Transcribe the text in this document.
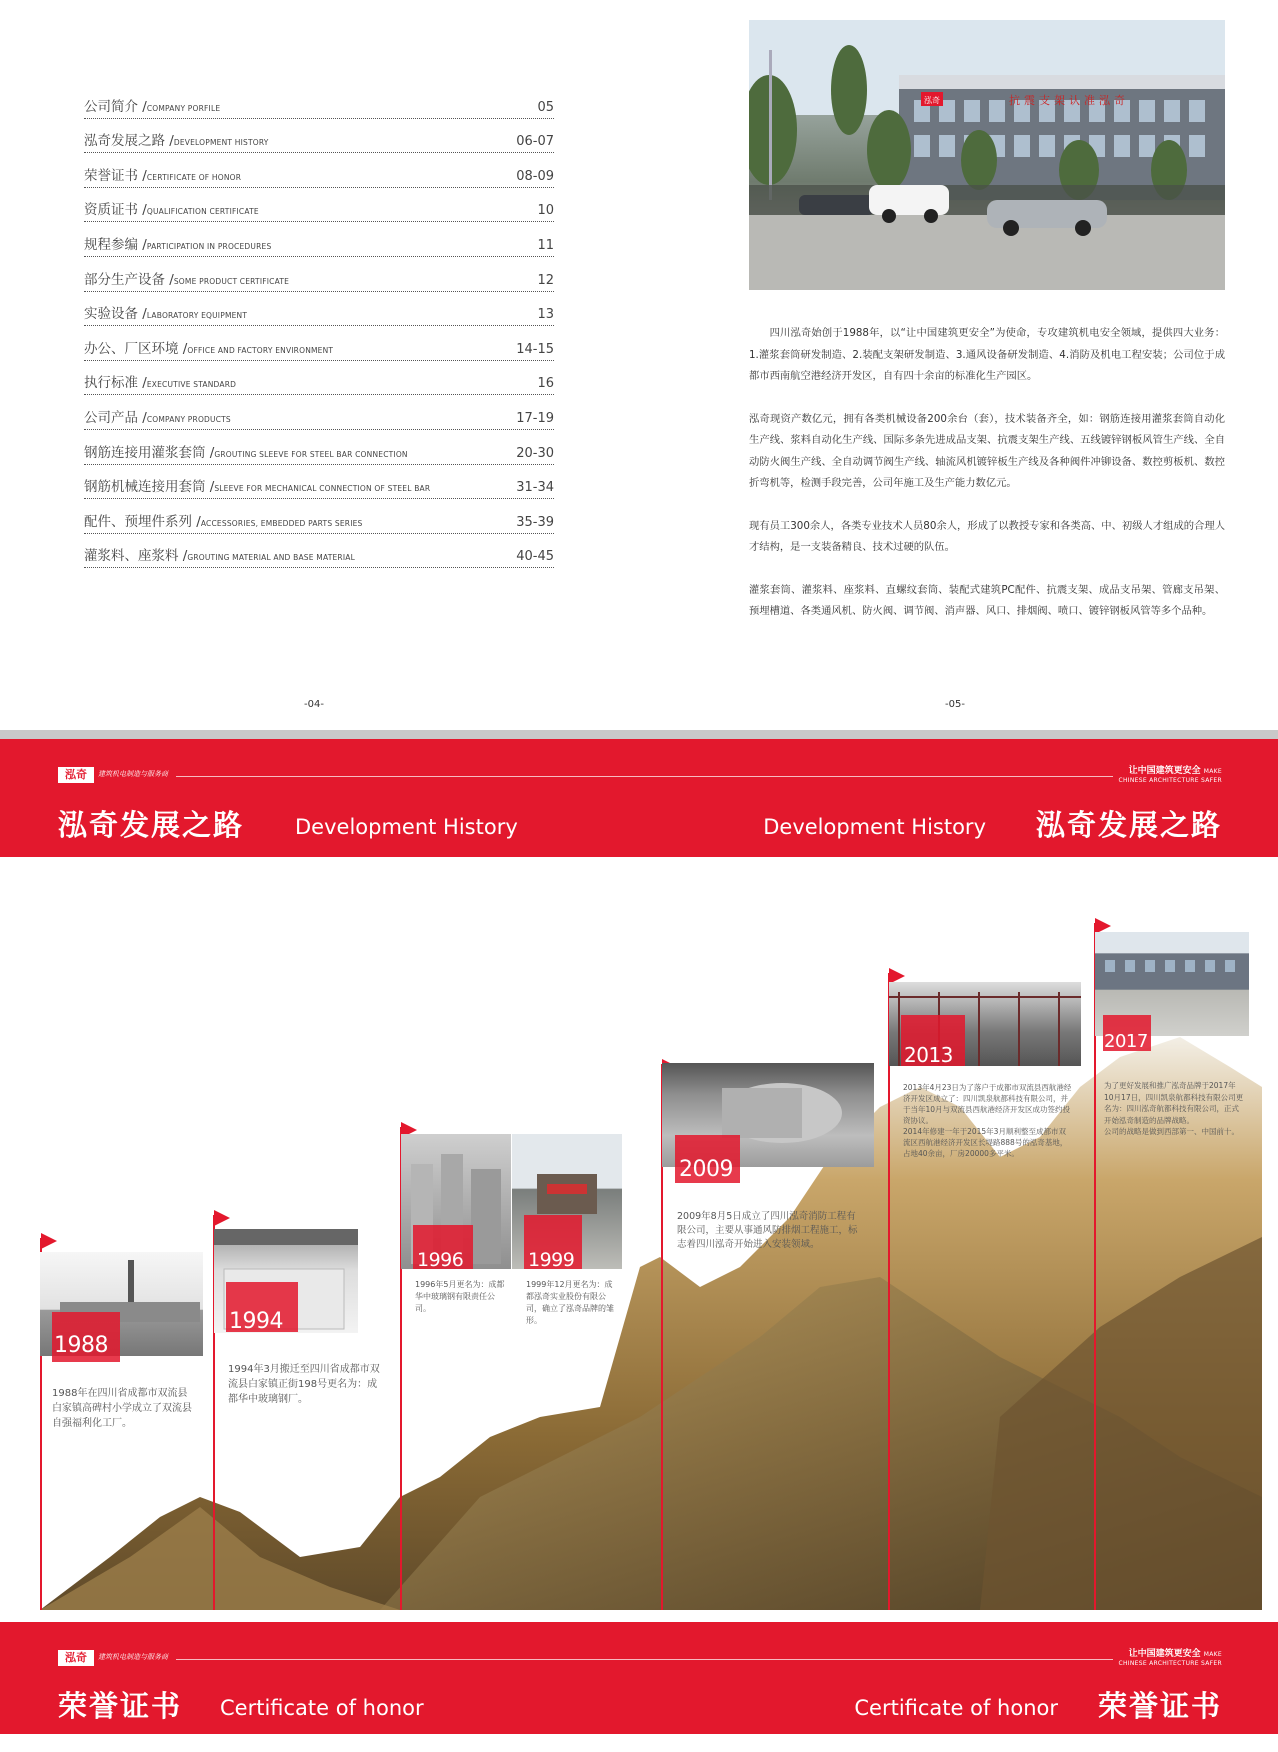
公司简介 /COMPANY PORFILE	05
泓奇发展之路 /DEVELOPMENT HISTORY	06-07
荣誉证书 /CERTIFICATE OF HONOR	08-09
资质证书 /QUALIFICATION CERTIFICATE	10
规程参编 /PARTICIPATION IN PROCEDURES	11
部分生产设备 /SOME PRODUCT CERTIFICATE	12
实验设备 /LABORATORY EQUIPMENT	13
办公、厂区环境 /OFFICE AND FACTORY ENVIRONMENT	14-15
执行标准 /EXECUTIVE STANDARD	16
公司产品 /COMPANY PRODUCTS	17-19
钢筋连接用灌浆套筒 /GROUTING SLEEVE FOR STEEL BAR CONNECTION	20-30
钢筋机械连接用套筒 /SLEEVE FOR MECHANICAL CONNECTION OF STEEL BAR	31-34
配件、预埋件系列 /ACCESSORIES, EMBEDDED PARTS SERIES	35-39
灌浆料、座浆料 /GROUTING MATERIAL AND BASE MATERIAL	40-45
-04-
泓奇	抗震支架认准泓奇

四川泓奇始创于1988年，以“让中国建筑更安全”为使命，专攻建筑机电安全领域，提供四大业务：1.灌浆套筒研发制造、2.装配支架研发制造、3.通风设备研发制造、4.消防及机电工程安装；公司位于成都市西南航空港经济开发区，自有四十余亩的标准化生产园区。

泓奇现资产数亿元，拥有各类机械设备200余台（套），技术装备齐全，如：钢筋连接用灌浆套筒自动化生产线、浆料自动化生产线、国际多条先进成品支架、抗震支架生产线、五线镀锌钢板风管生产线、全自动防火阀生产线、全自动调节阀生产线、轴流风机镀锌板生产线及各种阀件冲铆设备、数控剪板机、数控折弯机等，检测手段完善，公司年施工及生产能力数亿元。

现有员工300余人，各类专业技术人员80余人，形成了以教授专家和各类高、中、初级人才组成的合理人才结构，是一支装备精良、技术过硬的队伍。

灌浆套筒、灌浆料、座浆料、直螺纹套筒、装配式建筑PC配件、抗震支架、成品支吊架、管廊支吊架、预埋槽道、各类通风机、防火阀、调节阀、消声器、风口、排烟阀、喷口、镀锌钢板风管等多个品种。

-05-
泓奇	建筑机电制造与服务商	让中国建筑更安全 MAKE
CHINESE ARCHITECTURE SAFER
泓奇发展之路 Development History	Development History 泓奇发展之路
1988
1988年在四川省成都市双流县白家镇高碑村小学成立了双流县自强福利化工厂。
1994
1994年3月搬迁至四川省成都市双流县白家镇正街198号更名为：成都华中玻璃钢厂。
1996
1996年5月更名为：成都华中玻璃钢有限责任公司。
1999
1999年12月更名为：成都泓奇实业股份有限公司，确立了泓奇品牌的雏形。
2009
2009年8月5日成立了四川泓奇消防工程有限公司，主要从事通风防排烟工程施工，标志着四川泓奇开始进入安装领域。
2013
2013年4月23日为了落户于成都市双流县西航港经济开发区成立了：四川凯泉航都科技有限公司，并于当年10月与双流县西航港经济开发区成功签约投资协议。
2014年修建一年于2015年3月顺利整至成都市双流区西航港经济开发区长堤路888号的泓奇基地，占地40余亩，厂房20000多平米。
2017
为了更好发展和推广泓奇品牌于2017年10月17日，四川凯泉航都科技有限公司更名为：四川泓奇航都科技有限公司，正式开始泓奇制造的品牌战略。
公司的战略是做到西部第一、中国前十。
泓奇	建筑机电制造与服务商	让中国建筑更安全 MAKE
CHINESE ARCHITECTURE SAFER
荣誉证书 Certificate of honor	Certificate of honor 荣誉证书
